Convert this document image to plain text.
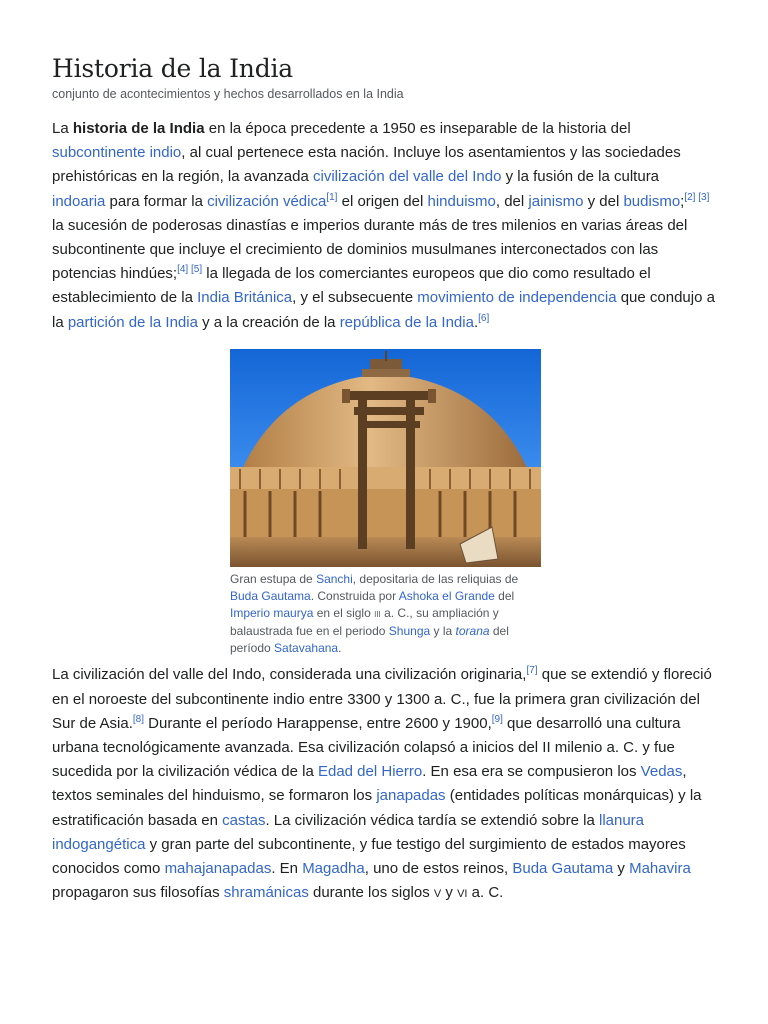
Historia de la India
conjunto de acontecimientos y hechos desarrollados en la India

La historia de la India en la época precedente a 1950 es inseparable de la historia del subcontinente indio, al cual pertenece esta nación. Incluye los asentamientos y las sociedades prehistóricas en la región, la avanzada civilización del valle del Indo y la fusión de la cultura indoaria para formar la civilización védica[1] el origen del hinduismo, del jainismo y del budismo;[2] [3] la sucesión de poderosas dinastías e imperios durante más de tres milenios en varias áreas del subcontinente que incluye el crecimiento de dominios musulmanes interconectados con las potencias hindúes;[4] [5] la llegada de los comerciantes europeos que dio como resultado el establecimiento de la India Británica, y el subsecuente movimiento de independencia que condujo a la partición de la India y a la creación de la república de la India.[6]

Gran estupa de Sanchi, depositaria de las reliquias de Buda Gautama. Construida por Ashoka el Grande del Imperio maurya en el siglo iii a. C., su ampliación y balaustrada fue en el periodo Shunga y la torana del período Satavahana.

La civilización del valle del Indo, considerada una civilización originaria,[7] que se extendió y floreció en el noroeste del subcontinente indio entre 3300 y 1300 a. C., fue la primera gran civilización del Sur de Asia.[8] Durante el período Harappense, entre 2600 y 1900,[9] que desarrolló una cultura urbana tecnológicamente avanzada. Esa civilización colapsó a inicios del II milenio a. C. y fue sucedida por la civilización védica de la Edad del Hierro. En esa era se compusieron los Vedas, textos seminales del hinduismo, se formaron los janapadas (entidades políticas monárquicas) y la estratificación basada en castas. La civilización védica tardía se extendió sobre la llanura indogangética y gran parte del subcontinente, y fue testigo del surgimiento de estados mayores conocidos como mahajanapadas. En Magadha, uno de estos reinos, Buda Gautama y Mahavira propagaron sus filosofías shramánicas durante los siglos v y vi a. C.
